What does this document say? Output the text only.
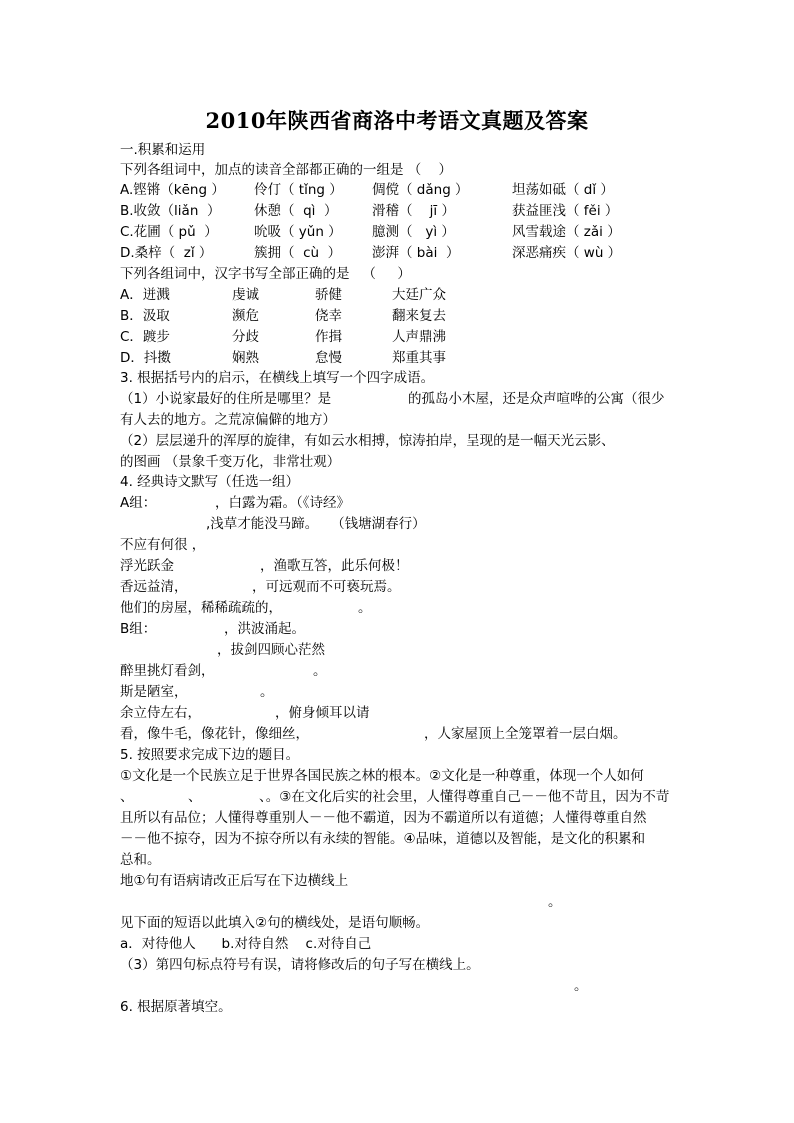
2010年陕西省商洛中考语文真题及答案
一.积累和运用
下列各组词中，加点的读音全部都正确的一组是 （    ）
A.铿锵（kēng ） 伶仃（ tǐng ） 倜傥（ dǎng ）	坦荡如砥（ dǐ ）
B.收敛（liǎn  ） 休憩（  qì  ）	滑稽（    jī ）	获益匪浅（ fěi ）
C.花圃（ pǔ  ）	吮吸（ yǔn ） 臆测（   yì ）	风雪载途（ zǎi ）
D.桑梓（  zǐ ）	簇拥（  cù  ） 澎湃（ bài  ）	深恶痛疾（ wù ）
下列各组词中，汉字书写全部正确的是   （     ）
A．迸溅	虔诚	骄健	大廷广众
B．汲取	濒危	侥幸	翻来复去
C．踱步	分歧	作揖	人声鼎沸
D．抖擞	娴熟	怠慢	郑重其事
3. 根据括号内的启示，在横线上填写一个四字成语。
（1）小说家最好的住所是哪里？是	的孤岛小木屋，还是众声喧哗的公寓（很少
有人去的地方。之荒凉偏僻的地方）
（2）层层递升的浑厚的旋律，有如云水相搏，惊涛拍岸，呈现的是一幅天光云影、
的图画 （景象千变万化，非常壮观）
4. 经典诗文默写（任选一组）
A组：	，白露为霜。（《诗经》
,浅草才能没马蹄。   （钱塘湖春行）
不应有何很 ，
浮光跃金	，渔歌互答，此乐何极！
香远益清，	，可远观而不可亵玩焉。
他们的房屋，稀稀疏疏的，	。
B组：	，洪波涌起。
，拔剑四顾心茫然
醉里挑灯看剑，	。
斯是陋室，	。
余立侍左右，	，俯身倾耳以请
看，像牛毛，像花针，像细丝，	，人家屋顶上全笼罩着一层白烟。
5. 按照要求完成下边的题目。
①文化是一个民族立足于世界各国民族之林的根本。②文化是一种尊重，体现一个人如何
、	、	、。③在文化后实的社会里，人懂得尊重自己－－他不苛且，因为不苛
且所以有品位；人懂得尊重别人－－他不霸道，因为不霸道所以有道德；人懂得尊重自然
－－他不掠夺，因为不掠夺所以有永续的智能。④品味，道德以及智能，是文化的积累和
总和。
地①句有语病请改正后写在下边横线上
。
见下面的短语以此填入②句的横线处，是语句顺畅。
a．对待他人      b.对待自然    c.对待自己
（3）第四句标点符号有误，请将修改后的句子写在横线上。
。
6. 根据原著填空。
